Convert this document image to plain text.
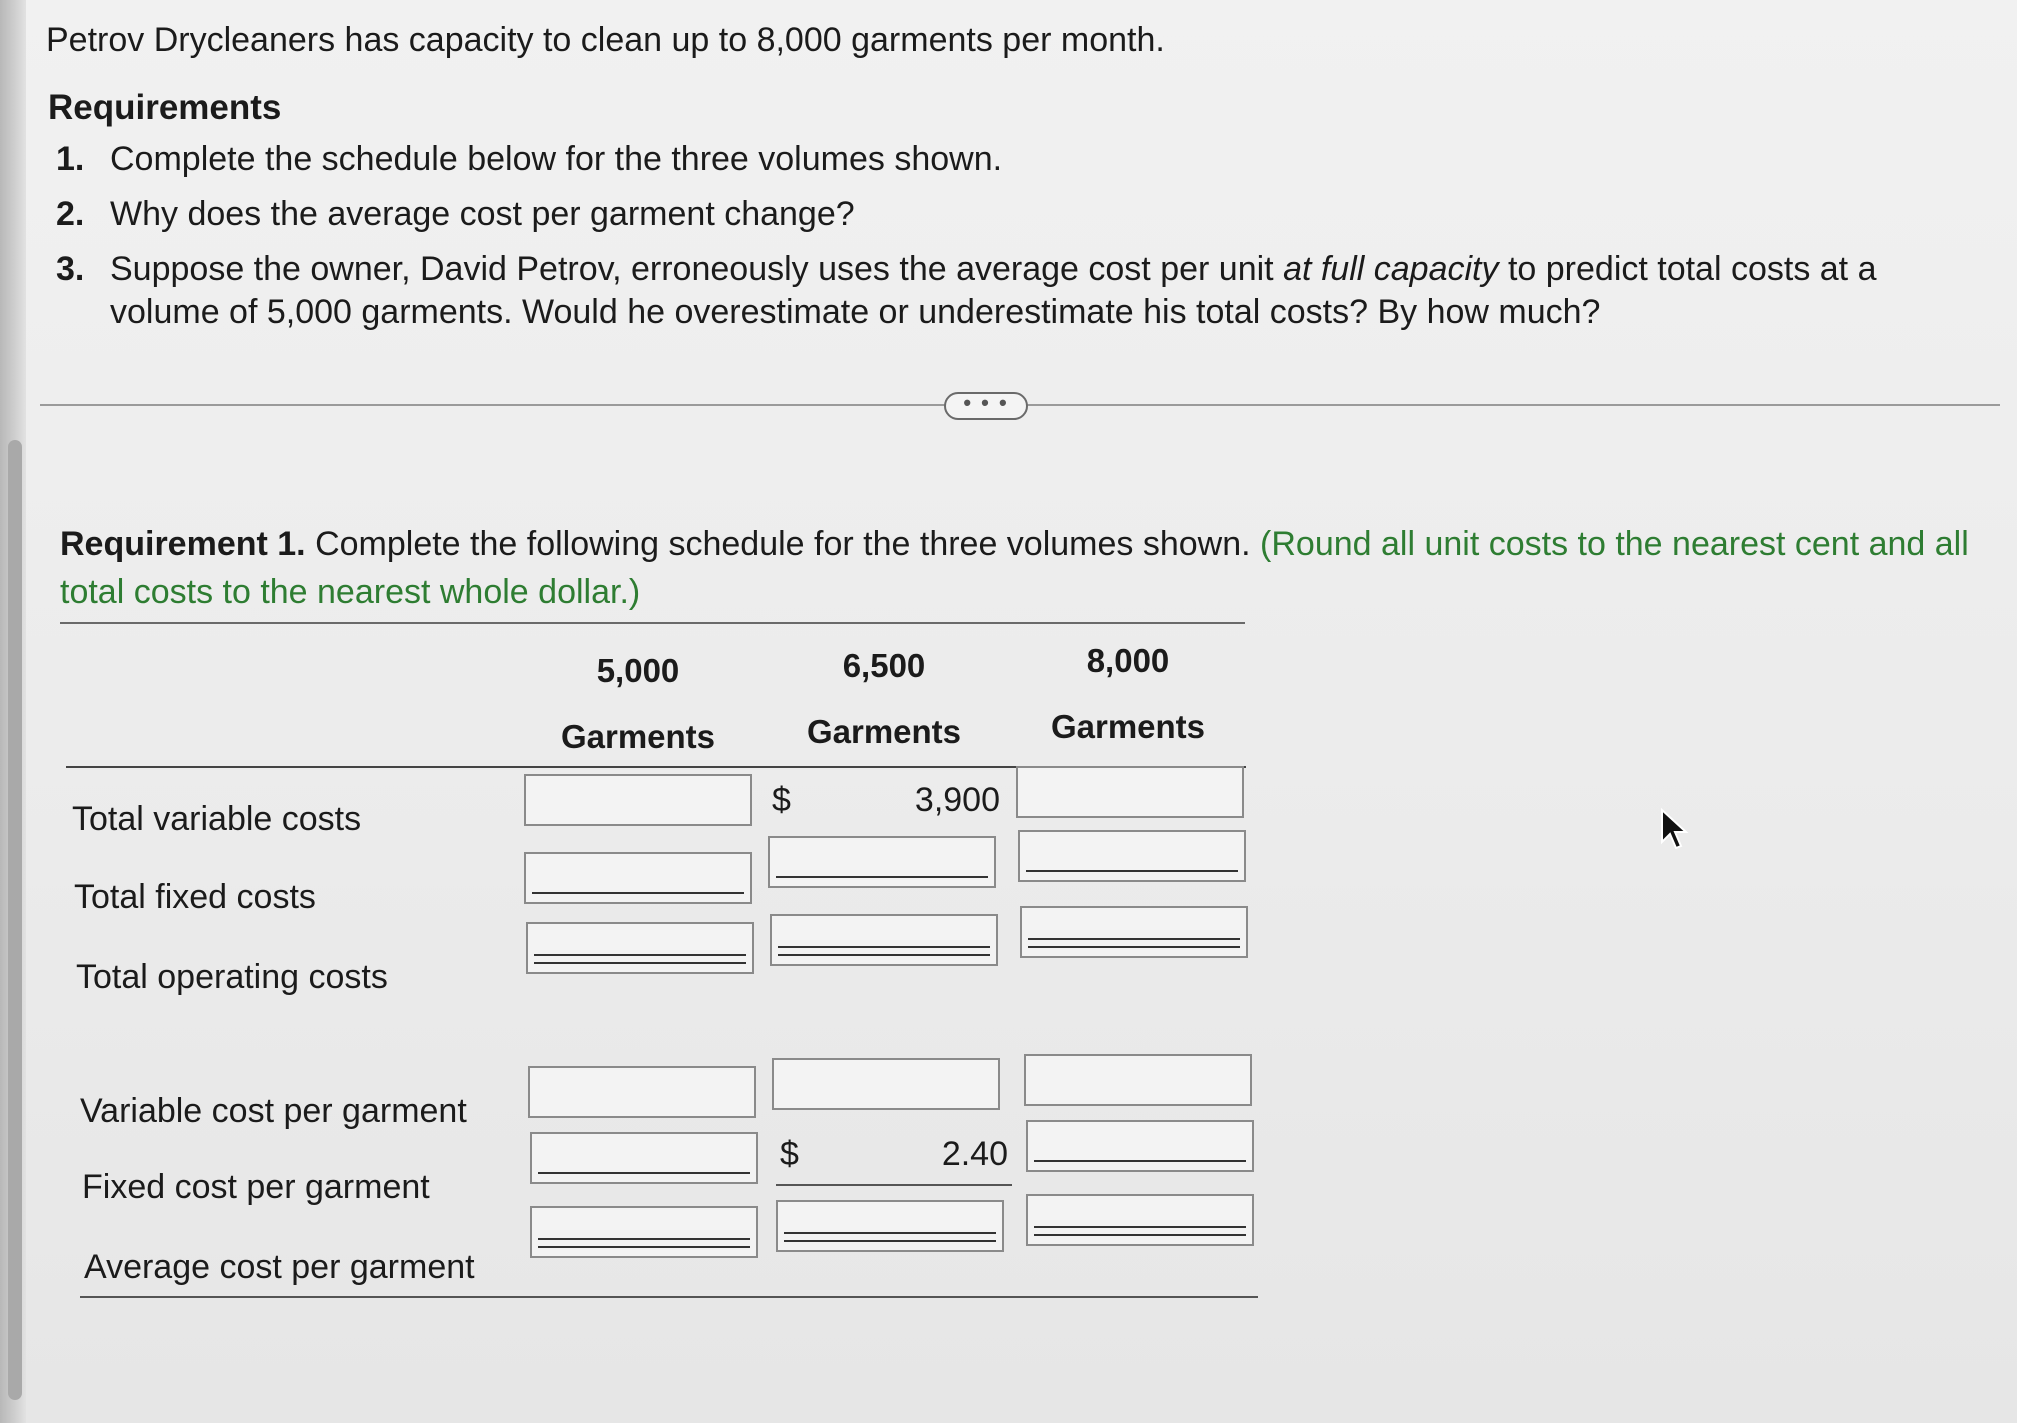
Petrov Drycleaners has capacity to clean up to 8,000 garments per month.
Requirements
1. Complete the schedule below for the three volumes shown.
2. Why does the average cost per garment change?
3. Suppose the owner, David Petrov, erroneously uses the average cost per unit at full capacity to predict total costs at a volume of 5,000 garments. Would he overestimate or underestimate his total costs? By how much?
• • •
Requirement 1. Complete the following schedule for the three volumes shown. (Round all unit costs to the nearest cent and all total costs to the nearest whole dollar.)
5,000
Garments
6,500
Garments
8,000
Garments
Total variable costs
Total fixed costs
Total operating costs
$	3,900
Variable cost per garment
Fixed cost per garment
Average cost per garment
$	2.40
